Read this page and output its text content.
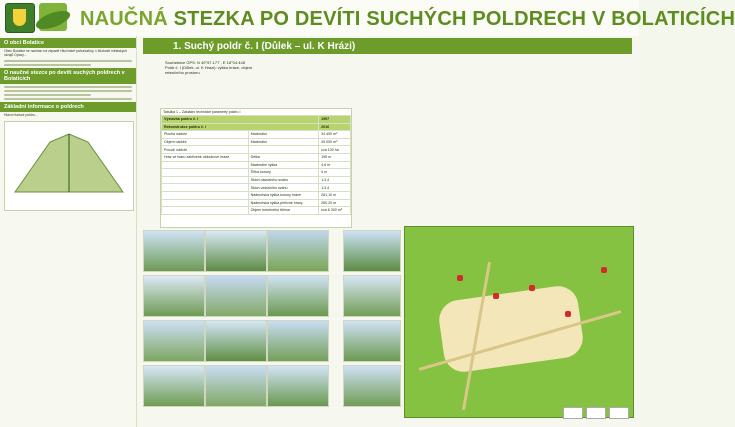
NAUČNÁ STEZKA PO DEVÍTI SUCHÝCH POLDRECH V BOLATICÍCH
O obci Bolatice
Obec Bolatice se nachází na západě Hlučínské pahorkatiny, v blízkosti městských okrajů Opavy...
O naučné stezce po devíti suchých poldrech v Bolaticích
Základní informace o poldrech
Hlavní funkce poldru...
1. Suchý poldr č. I (Důlek – ul. K Hrázi)
Souřadnice GPS: N 49°57.177´, E 18°04.448´
Poldr č. I (Důlek, ul. K Hrázi): výška hráze, objem retenčního prostoru
Tabulka 1 – Základní technické parametry poldru I
Výstavba poldru č. I		1997
Rekonstrukce poldru č. I		2016
Plocha nádrže	Maximální	34 400 m²
Objem nádrže	Maximální	49 000 m³
Povodí nádrže		cca 100 ha
Hráz ve tvaru zakřivené obloukové hráze	Délka	195 m
	Maximální výška	4,6 m
	Šířka koruny	4 m
	Sklon návodního svahu	1:3,4
	Sklon vzdušního svahu	1:3,4
	Nadmořská výška koruny hráze	261,10 m
	Nadmořská výška přelivné hrany	260,20 m
	Objem hutněného tělesa	cca 6 300 m³
